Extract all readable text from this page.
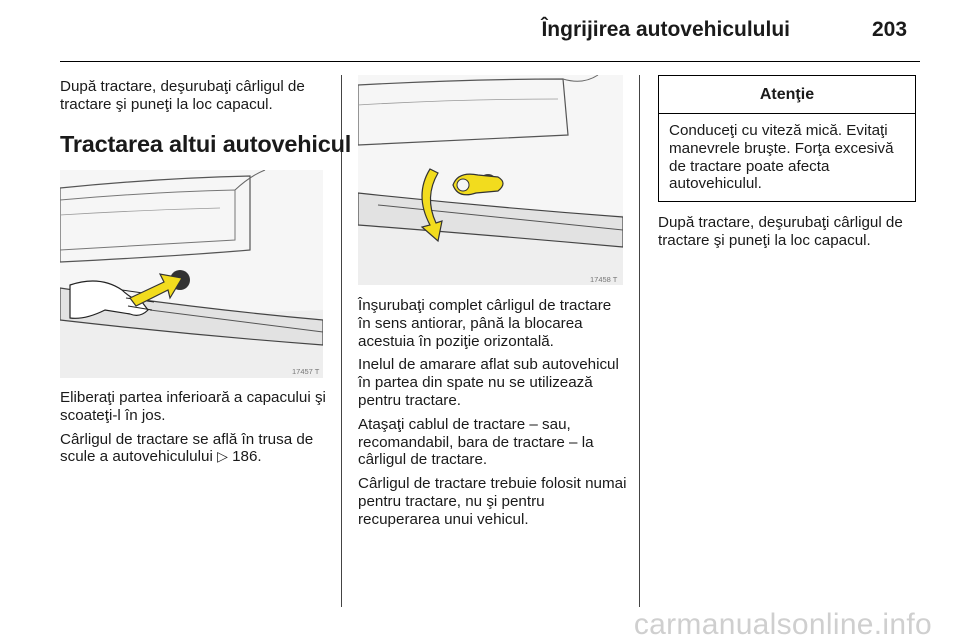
Îngrijirea autovehiculului	203

După tractare, deşurubaţi cârligul de tractare şi puneţi la loc capacul.

Tractarea altui autovehicul
17457 T

Eliberaţi partea inferioară a capacului şi scoateţi-l în jos.

Cârligul de tractare se află în trusa de scule a autovehiculului ▷ 186.

17458 T

Înşurubaţi complet cârligul de tractare în sens antiorar, până la blocarea acestuia în poziţie orizontală.

Inelul de amarare aflat sub autovehicul în partea din spate nu se utilizează pentru tractare.

Ataşaţi cablul de tractare – sau, recomandabil, bara de tractare – la cârligul de tractare.

Cârligul de tractare trebuie folosit numai pentru tractare, nu şi pentru recuperarea unui vehicul.

Atenţie
Conduceţi cu viteză mică. Evitaţi manevrele bruşte. Forţa excesivă de tractare poate afecta autovehiculul.

După tractare, deşurubaţi cârligul de tractare şi puneţi la loc capacul.

carmanualsonline.info
